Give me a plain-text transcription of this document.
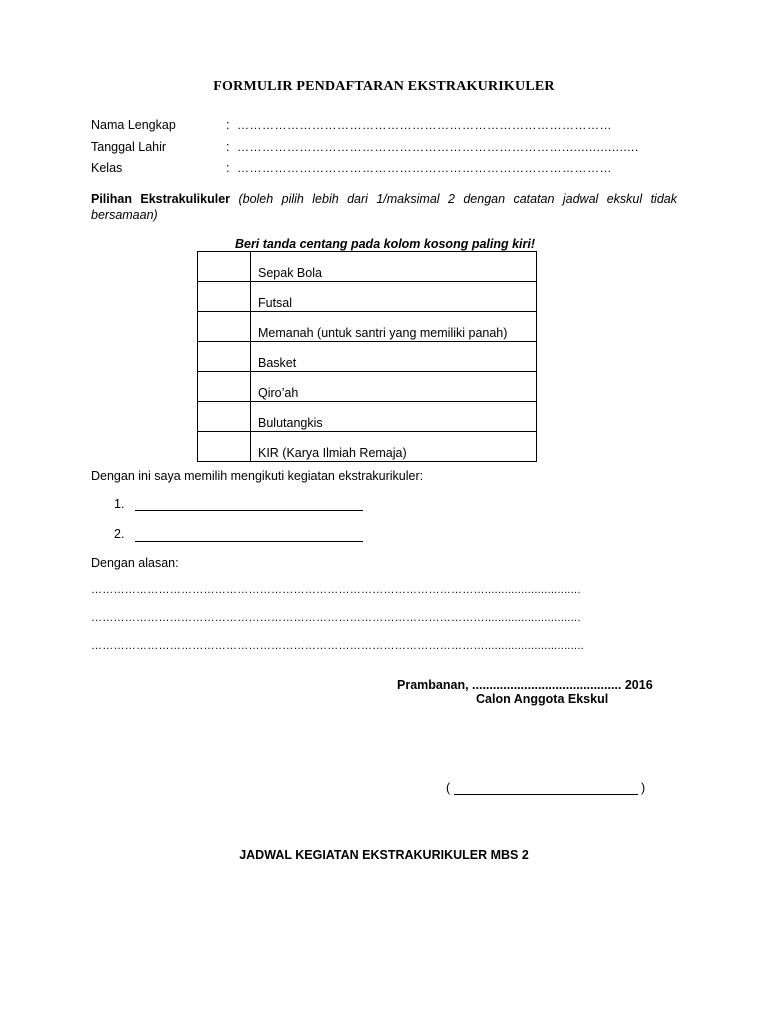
FORMULIR PENDAFTARAN EKSTRAKURIKULER
Nama Lengkap	: ………………………………………………………………………………
Tanggal Lahir	: ……………………………………………………………………....................
Kelas	: ………………………………………………………………………………
Pilihan Ekstrakulikuler (boleh pilih lebih dari 1/maksimal 2 dengan catatan jadwal ekskul tidak bersamaan)
Beri tanda centang pada kolom kosong paling kiri!
	Sepak Bola
	Futsal
	Memanah (untuk santri yang memiliki panah)
	Basket
	Qiro’ah
	Bulutangkis
	KIR (Karya Ilmiah Remaja)
Dengan ini saya memilih mengikuti kegiatan ekstrakurikuler:
1.
2.
Dengan alasan:
…………………………………………………………………………………………….............................
…………………………………………………………………………………………….............................
……………………………………………………………………………………………..............................
Prambanan, ........................................... 2016
Calon Anggota Ekskul
(	)
JADWAL KEGIATAN EKSTRAKURIKULER MBS 2
